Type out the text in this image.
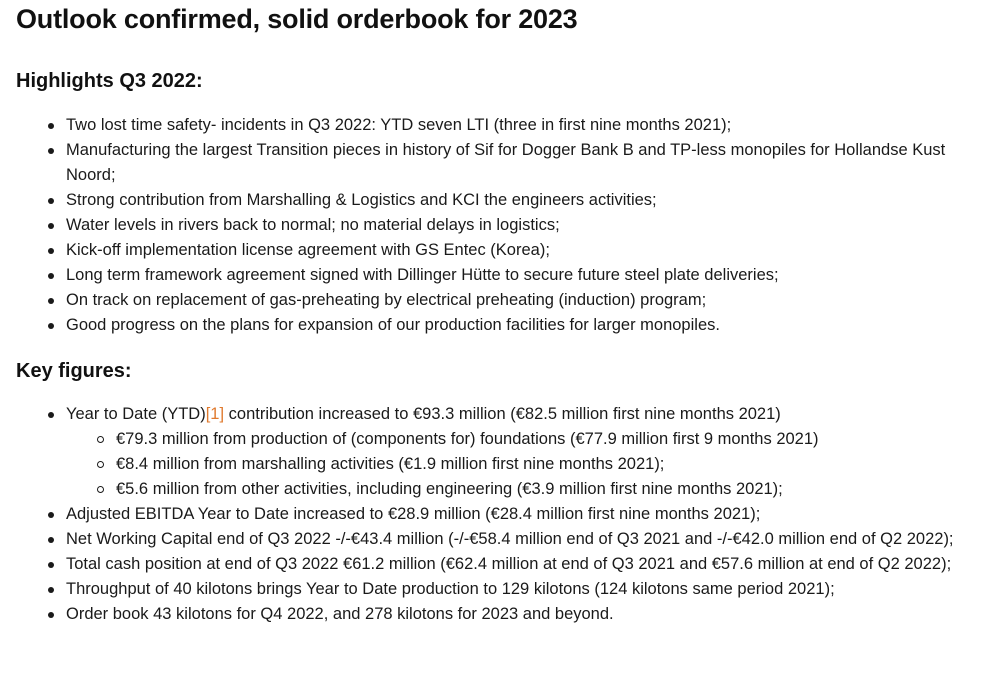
Outlook confirmed, solid orderbook for 2023
Highlights Q3 2022:
Two lost time safety- incidents in Q3 2022: YTD seven LTI (three in first nine months 2021);
Manufacturing the largest Transition pieces in history of Sif for Dogger Bank B and TP-less monopiles for Hollandse Kust Noord;
Strong contribution from Marshalling & Logistics and KCI the engineers activities;
Water levels in rivers back to normal; no material delays in logistics;
Kick-off implementation license agreement with GS Entec (Korea);
Long term framework agreement signed with Dillinger Hütte to secure future steel plate deliveries;
On track on replacement of gas-preheating by electrical preheating (induction) program;
Good progress on the plans for expansion of our production facilities for larger monopiles.
Key figures:
Year to Date (YTD)[1] contribution increased to €93.3 million (€82.5 million first nine months 2021)
€79.3 million from production of (components for) foundations (€77.9 million first 9 months 2021)
€8.4 million from marshalling activities (€1.9 million first nine months 2021);
€5.6 million from other activities, including engineering (€3.9 million first nine months 2021);
Adjusted EBITDA Year to Date increased to €28.9 million (€28.4 million first nine months 2021);
Net Working Capital end of Q3 2022 -/-€43.4 million (-/-€58.4 million end of Q3 2021 and -/-€42.0 million end of Q2 2022);
Total cash position at end of Q3 2022 €61.2 million (€62.4 million at end of Q3 2021 and €57.6 million at end of Q2 2022);
Throughput of 40 kilotons brings Year to Date production to 129 kilotons (124 kilotons same period 2021);
Order book 43 kilotons for Q4 2022, and 278 kilotons for 2023 and beyond.
